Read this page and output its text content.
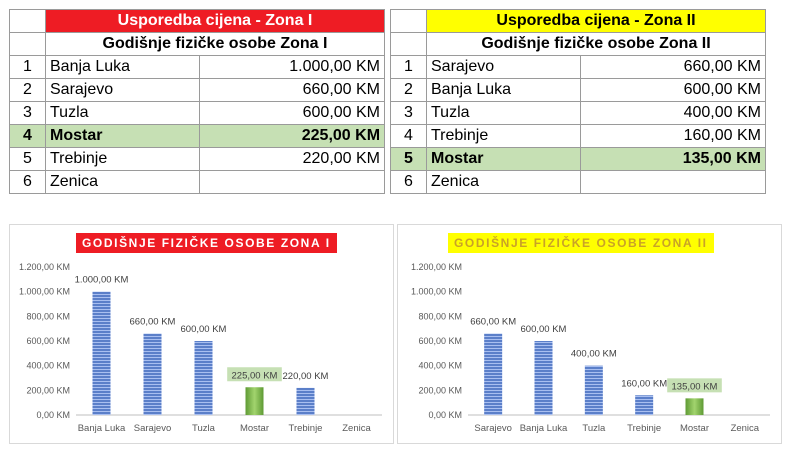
	Usporedba cijena - Zona I	
	Godišnje fizičke osobe Zona I	
1	Banja Luka	1.000,00 KM
2	Sarajevo	660,00 KM
3	Tuzla	600,00 KM
4	Mostar	225,00 KM
5	Trebinje	220,00 KM
6	Zenica	
	Usporedba cijena - Zona II	
	Godišnje fizičke osobe Zona II	
1	Sarajevo	660,00 KM
2	Banja Luka	600,00 KM
3	Tuzla	400,00 KM
4	Trebinje	160,00 KM
5	Mostar	135,00 KM
6	Zenica	
0,00 KM
200,00 KM
400,00 KM
600,00 KM
800,00 KM
1.000,00 KM
1.200,00 KM
1.000,00 KM
Banja Luka
660,00 KM
Sarajevo
600,00 KM
Tuzla
225,00 KM
Mostar
220,00 KM
Trebinje Zenica
GODIŠNJE FIZIČKE OSOBE ZONA I
0,00 KM
200,00 KM
400,00 KM
600,00 KM
800,00 KM
1.000,00 KM
1.200,00 KM
660,00 KM
Sarajevo
600,00 KM
Banja Luka
400,00 KM
Tuzla
160,00 KM
Trebinje
135,00 KM
Mostar Zenica
GODIŠNJE FIZIČKE OSOBE ZONA II
